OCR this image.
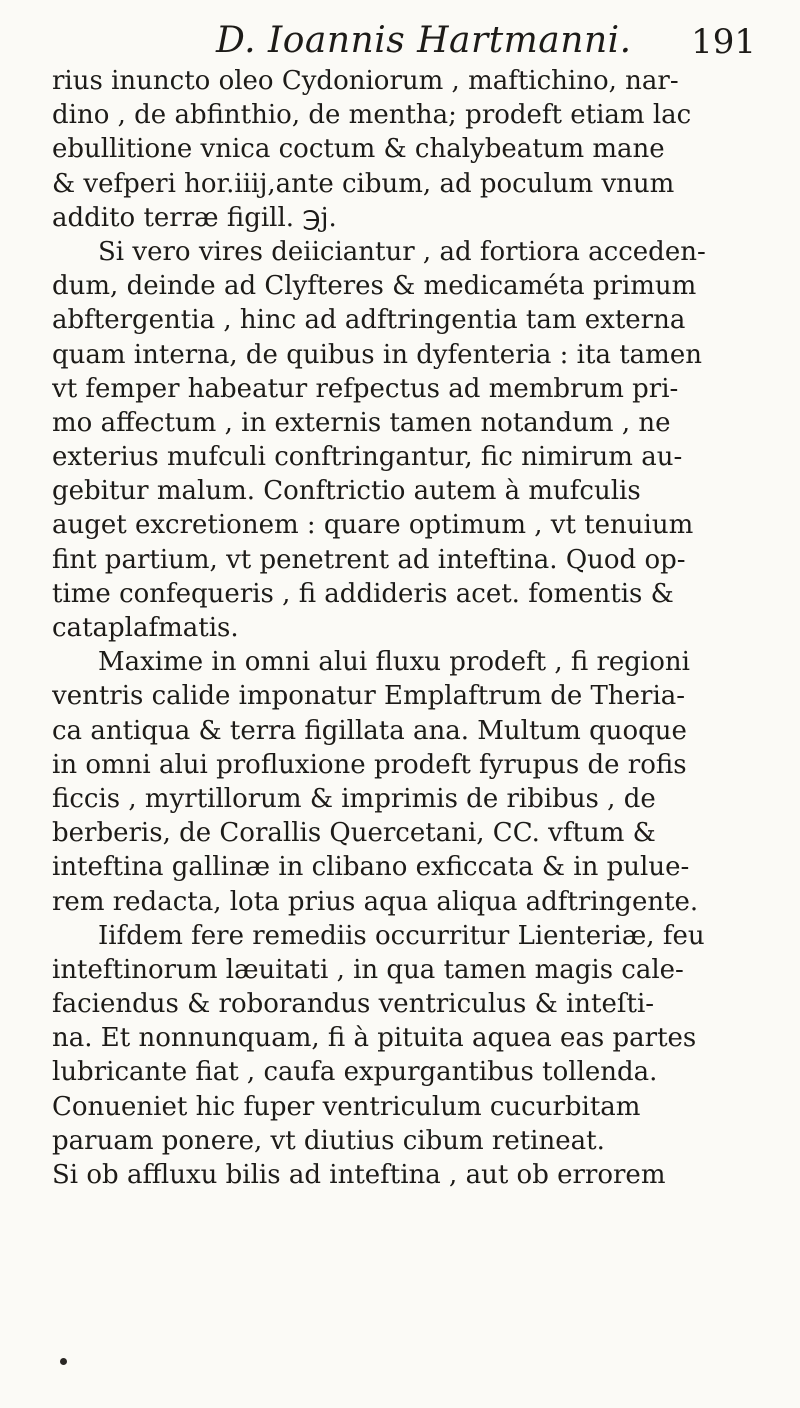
D. Ioannis Hartmanni. 191
rius inuncto oleo Cydoniorum , maftichino, nar-
dino , de abfinthio, de mentha; prodeft etiam lac
ebullitione vnica coctum & chalybeatum mane
& vefperi hor.iiij,ante cibum, ad poculum vnum
addito terræ figill. ℈j.
Si vero vires deiiciantur , ad fortiora acceden-
dum, deinde ad Clyfteres & medicaméta primum
abftergentia , hinc ad adftringentia tam externa
quam interna, de quibus in dyfenteria : ita tamen
vt femper habeatur refpectus ad membrum pri-
mo affectum , in externis tamen notandum , ne
exterius mufculi conftringantur, fic nimirum au-
gebitur malum. Conftrictio autem à mufculis
auget excretionem : quare optimum , vt tenuium
fint partium, vt penetrent ad inteftina. Quod op-
time confequeris , fi addideris acet. fomentis &
cataplafmatis.
Maxime in omni alui fluxu prodeft , fi regioni
ventris calide imponatur Emplaftrum de Theria-
ca antiqua & terra figillata ana. Multum quoque
in omni alui profluxione prodeft fyrupus de rofis
ficcis , myrtillorum & imprimis de ribibus , de
berberis, de Corallis Quercetani, CC. vftum &
inteftina gallinæ in clibano exficcata & in pulue-
rem redacta, lota prius aqua aliqua adftringente.
Iifdem fere remediis occurritur Lienteriæ, feu
inteftinorum læuitati , in qua tamen magis cale-
faciendus & roborandus ventriculus & inteſti-
na. Et nonnunquam, fi à pituita aquea eas partes
lubricante fiat , caufa expurgantibus tollenda.
Conueniet hic fuper ventriculum cucurbitam
paruam ponere, vt diutius cibum retineat.
Si ob affluxu bilis ad inteftina , aut ob errorem
